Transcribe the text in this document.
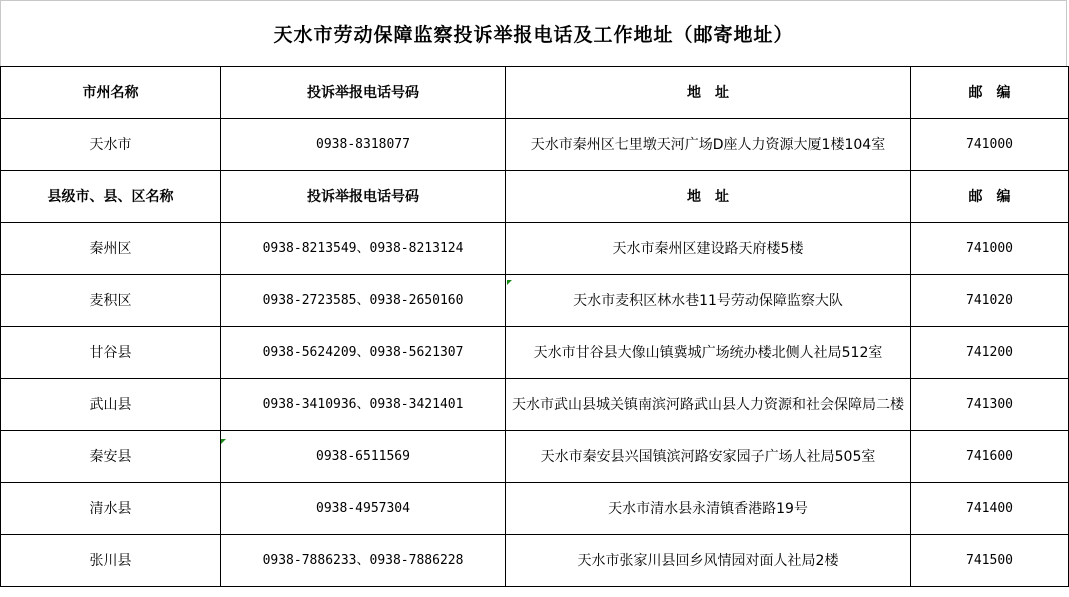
天水市劳动保障监察投诉举报电话及工作地址（邮寄地址）
市州名称	投诉举报电话号码	地　址	邮　编
天水市	0938-8318077	天水市秦州区七里墩天河广场D座人力资源大厦1楼104室	741000
县级市、县、区名称	投诉举报电话号码	地　址	邮　编
秦州区	0938-8213549、0938-8213124	天水市秦州区建设路天府楼5楼	741000
麦积区	0938-2723585、0938-2650160	天水市麦积区林水巷11号劳动保障监察大队	741020
甘谷县	0938-5624209、0938-5621307	天水市甘谷县大像山镇冀城广场统办楼北侧人社局512室	741200
武山县	0938-3410936、0938-3421401	天水市武山县城关镇南滨河路武山县人力资源和社会保障局二楼	741300
秦安县	0938-6511569	天水市秦安县兴国镇滨河路安家园子广场人社局505室	741600
清水县	0938-4957304	天水市清水县永清镇香港路19号	741400
张川县	0938-7886233、0938-7886228	天水市张家川县回乡风情园对面人社局2楼	741500
